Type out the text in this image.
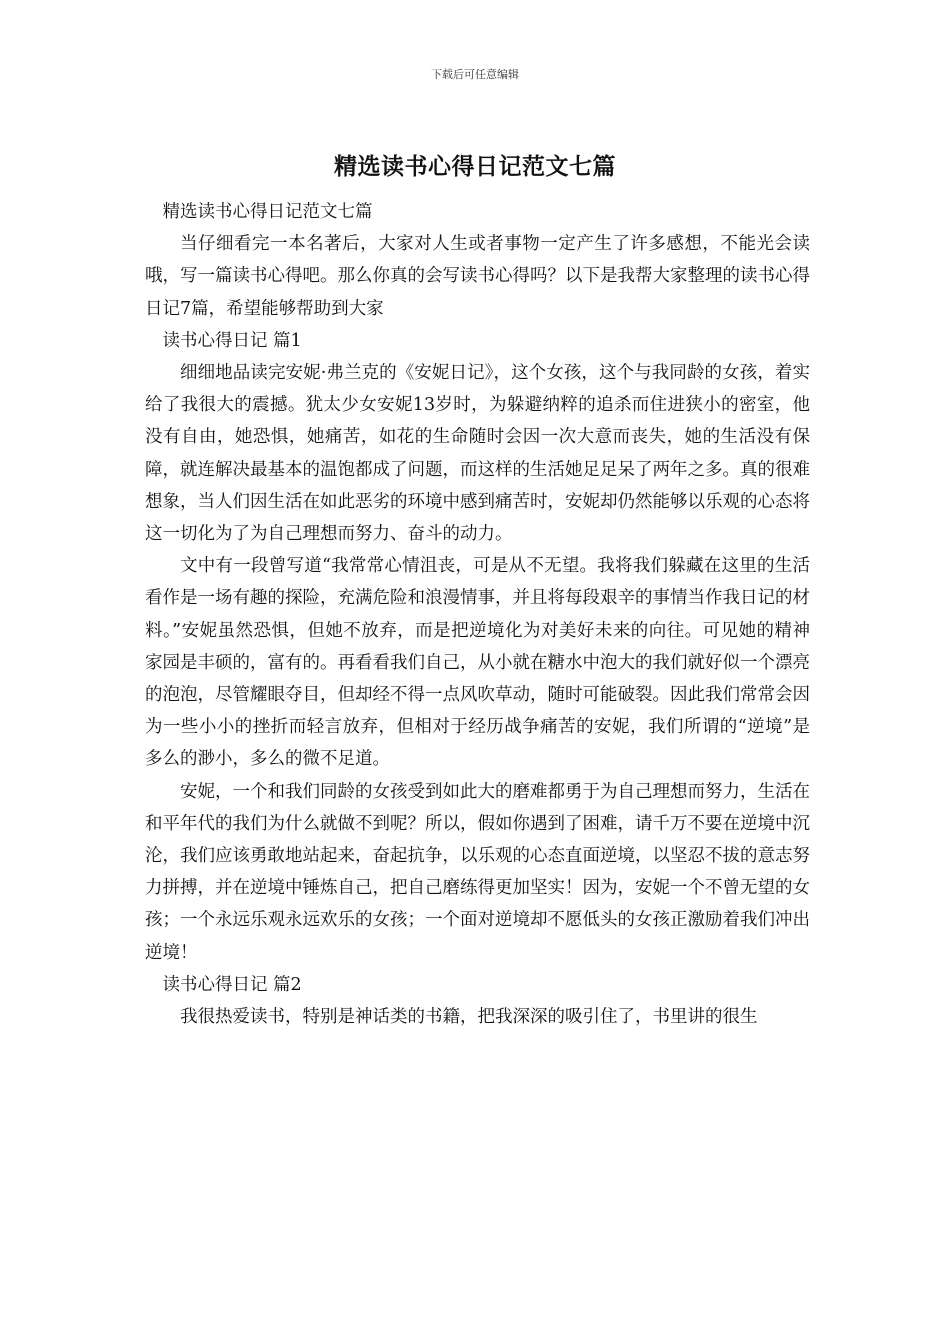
下载后可任意编辑
精选读书心得日记范文七篇

精选读书心得日记范文七篇

当仔细看完一本名著后，大家对人生或者事物一定产生了许多感想，不能光会读哦，写一篇读书心得吧。那么你真的会写读书心得吗？以下是我帮大家整理的读书心得日记7篇，希望能够帮助到大家

读书心得日记 篇1

细细地品读完安妮·弗兰克的《安妮日记》，这个女孩，这个与我同龄的女孩，着实给了我很大的震撼。犹太少女安妮13岁时，为躲避纳粹的追杀而住进狭小的密室，他没有自由，她恐惧，她痛苦，如花的生命随时会因一次大意而丧失，她的生活没有保障，就连解决最基本的温饱都成了问题，而这样的生活她足足呆了两年之多。真的很难想象，当人们因生活在如此恶劣的环境中感到痛苦时，安妮却仍然能够以乐观的心态将这一切化为了为自己理想而努力、奋斗的动力。

文中有一段曾写道“我常常心情沮丧，可是从不无望。我将我们躲藏在这里的生活看作是一场有趣的探险，充满危险和浪漫情事，并且将每段艰辛的事情当作我日记的材料。”安妮虽然恐惧，但她不放弃，而是把逆境化为对美好未来的向往。可见她的精神家园是丰硕的，富有的。再看看我们自己，从小就在糖水中泡大的我们就好似一个漂亮的泡泡，尽管耀眼夺目，但却经不得一点风吹草动，随时可能破裂。因此我们常常会因为一些小小的挫折而轻言放弃，但相对于经历战争痛苦的安妮，我们所谓的“逆境”是多么的渺小，多么的微不足道。

安妮，一个和我们同龄的女孩受到如此大的磨难都勇于为自己理想而努力，生活在和平年代的我们为什么就做不到呢？所以，假如你遇到了困难，请千万不要在逆境中沉沦，我们应该勇敢地站起来，奋起抗争，以乐观的心态直面逆境，以坚忍不拔的意志努力拼搏，并在逆境中锤炼自己，把自己磨练得更加坚实！因为，安妮一个不曾无望的女孩；一个永远乐观永远欢乐的女孩；一个面对逆境却不愿低头的女孩正激励着我们冲出逆境！

读书心得日记 篇2

我很热爱读书，特别是神话类的书籍，把我深深的吸引住了，书里讲的很生
